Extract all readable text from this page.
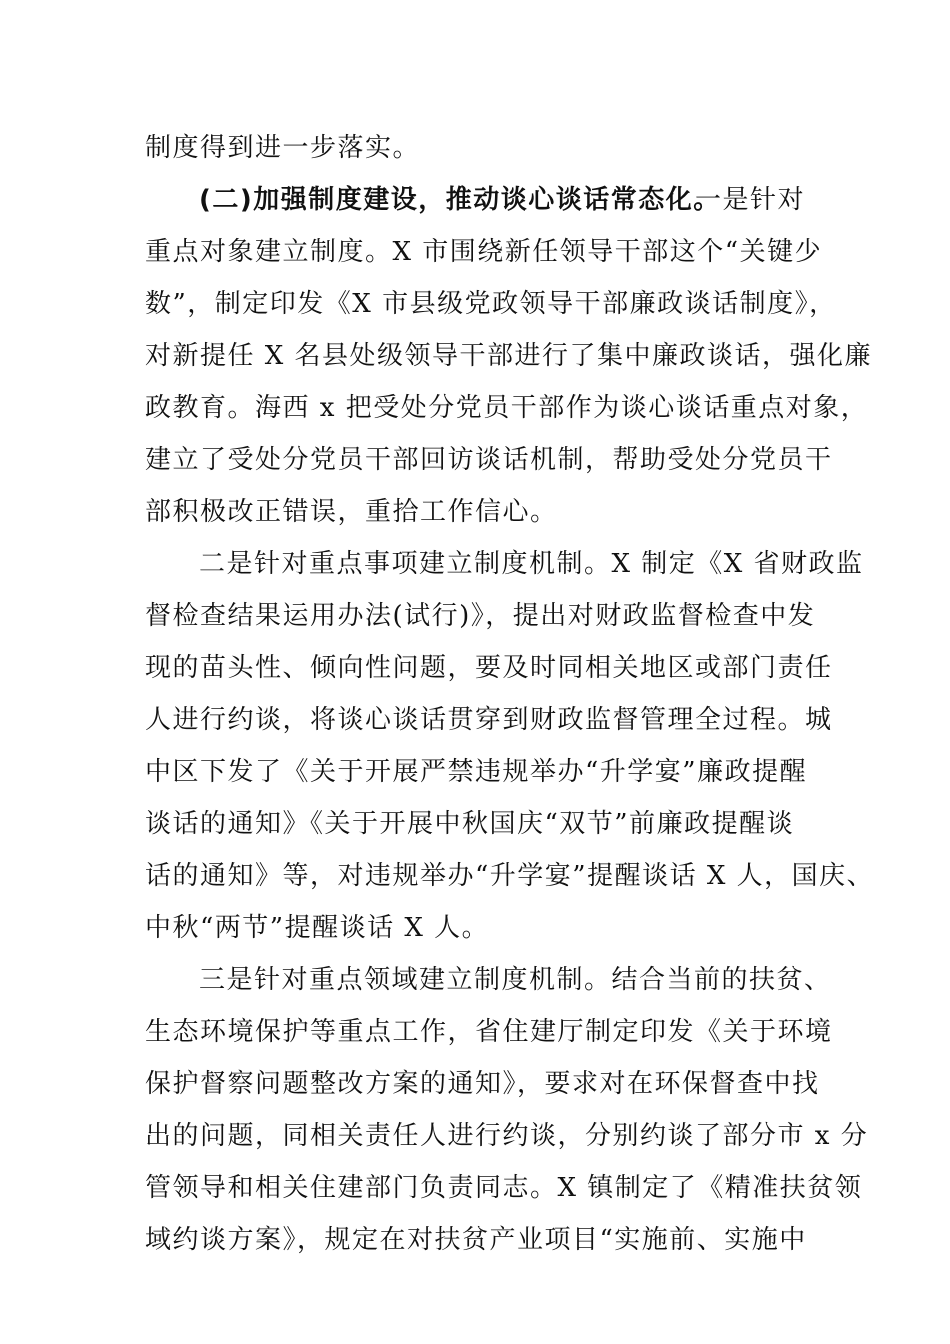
制度得到进一步落实。
(二)加强制度建设，推动谈心谈话常态化。
一是针对
重点对象建立制度。X 市围绕新任领导干部这个“关键少
数”，制定印发《X 市县级党政领导干部廉政谈话制度》，
对新提任 X 名县处级领导干部进行了集中廉政谈话，强化廉
政教育。海西 x 把受处分党员干部作为谈心谈话重点对象，
建立了受处分党员干部回访谈话机制，帮助受处分党员干
部积极改正错误，重拾工作信心。
二是针对重点事项建立制度机制。X 制定《X 省财政监
督检查结果运用办法(试行)》，提出对财政监督检查中发
现的苗头性、倾向性问题，要及时同相关地区或部门责任
人进行约谈，将谈心谈话贯穿到财政监督管理全过程。城
中区下发了《关于开展严禁违规举办“升学宴”廉政提醒
谈话的通知》《关于开展中秋国庆“双节”前廉政提醒谈
话的通知》等，对违规举办“升学宴”提醒谈话 X 人，国庆、
中秋“两节”提醒谈话 X 人。
三是针对重点领域建立制度机制。结合当前的扶贫、
生态环境保护等重点工作，省住建厅制定印发《关于环境
保护督察问题整改方案的通知》，要求对在环保督查中找
出的问题，同相关责任人进行约谈，分别约谈了部分市 x 分
管领导和相关住建部门负责同志。X 镇制定了《精准扶贫领
域约谈方案》，规定在对扶贫产业项目“实施前、实施中
